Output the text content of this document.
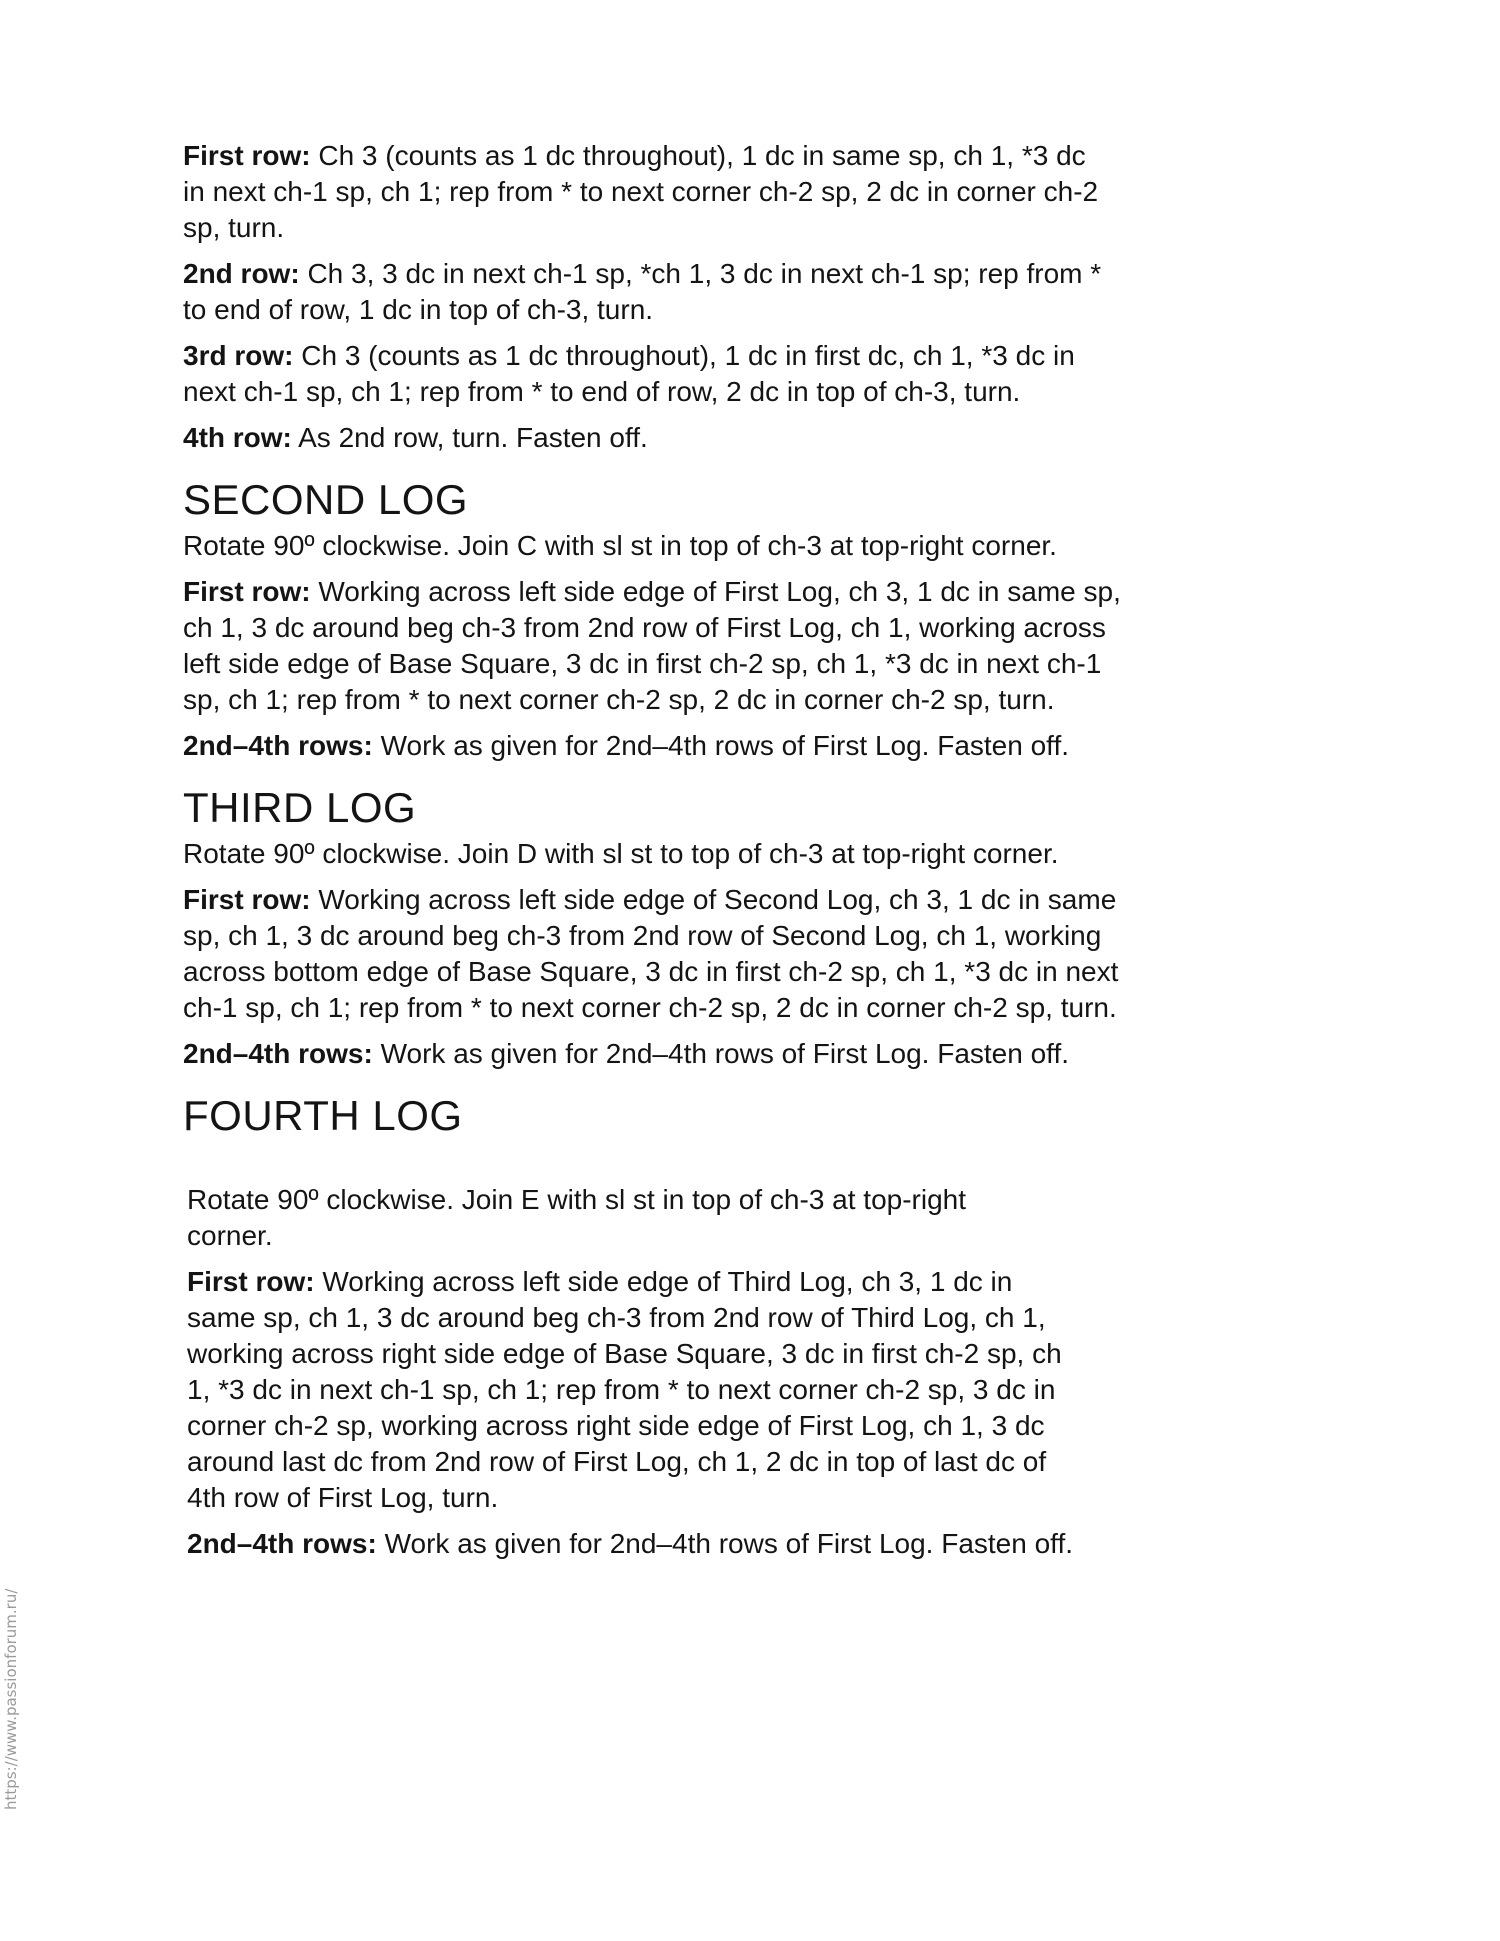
First row: Ch 3 (counts as 1 dc throughout), 1 dc in same sp, ch 1, *3 dc in next ch-1 sp, ch 1; rep from * to next corner ch-2 sp, 2 dc in corner ch-2 sp, turn.

2nd row: Ch 3, 3 dc in next ch-1 sp, *ch 1, 3 dc in next ch-1 sp; rep from * to end of row, 1 dc in top of ch-3, turn.

3rd row: Ch 3 (counts as 1 dc throughout), 1 dc in first dc, ch 1, *3 dc in next ch-1 sp, ch 1; rep from * to end of row, 2 dc in top of ch-3, turn.

4th row: As 2nd row, turn. Fasten off.

SECOND LOG

Rotate 90º clockwise. Join C with sl st in top of ch-3 at top-right corner.

First row: Working across left side edge of First Log, ch 3, 1 dc in same sp, ch 1, 3 dc around beg ch-3 from 2nd row of First Log, ch 1, working across left side edge of Base Square, 3 dc in first ch-2 sp, ch 1, *3 dc in next ch-1 sp, ch 1; rep from * to next corner ch-2 sp, 2 dc in corner ch-2 sp, turn.

2nd–4th rows: Work as given for 2nd–4th rows of First Log. Fasten off.

THIRD LOG

Rotate 90º clockwise. Join D with sl st to top of ch-3 at top-right corner.

First row: Working across left side edge of Second Log, ch 3, 1 dc in same sp, ch 1, 3 dc around beg ch-3 from 2nd row of Second Log, ch 1, working across bottom edge of Base Square, 3 dc in first ch-2 sp, ch 1, *3 dc in next ch-1 sp, ch 1; rep from * to next corner ch-2 sp, 2 dc in corner ch-2 sp, turn.

2nd–4th rows: Work as given for 2nd–4th rows of First Log. Fasten off.

FOURTH LOG

Rotate 90º clockwise. Join E with sl st in top of ch-3 at top-right corner.

First row: Working across left side edge of Third Log, ch 3, 1 dc in same sp, ch 1, 3 dc around beg ch-3 from 2nd row of Third Log, ch 1, working across right side edge of Base Square, 3 dc in first ch-2 sp, ch 1, *3 dc in next ch-1 sp, ch 1; rep from * to next corner ch-2 sp, 3 dc in corner ch-2 sp, working across right side edge of First Log, ch 1, 3 dc around last dc from 2nd row of First Log, ch 1, 2 dc in top of last dc of 4th row of First Log, turn.

2nd–4th rows: Work as given for 2nd–4th rows of First Log. Fasten off.

https://www.passionforum.ru/
